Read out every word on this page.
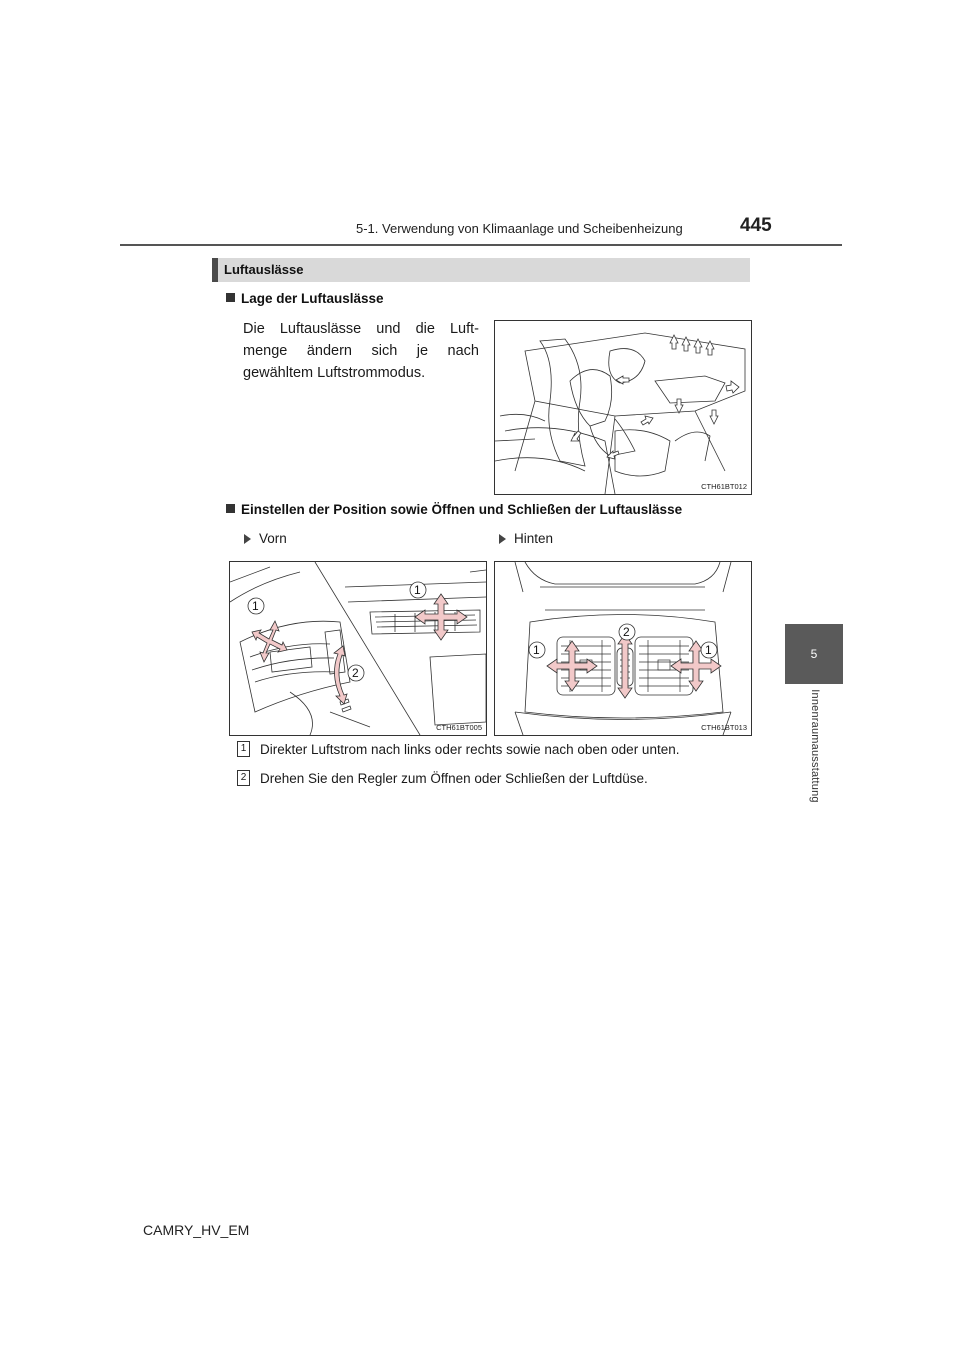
5-1. Verwendung von Klimaanlage und Scheibenheizung	445
5
Innenraumausstattung
Luftauslässe
Lage der Luftauslässe
Die Luftauslässe und die Luft-menge ändern sich je nach gewähltem Luftstrommodus.
CTH61BT012
Einstellen der Position sowie Öffnen und Schließen der Luftauslässe
Vorn	Hinten
1
1
2
CTH61BT005
1	1
2
CTH61BT013
1 Direkter Luftstrom nach links oder rechts sowie nach oben oder unten.
2 Drehen Sie den Regler zum Öffnen oder Schließen der Luftdüse.
CAMRY_HV_EM
